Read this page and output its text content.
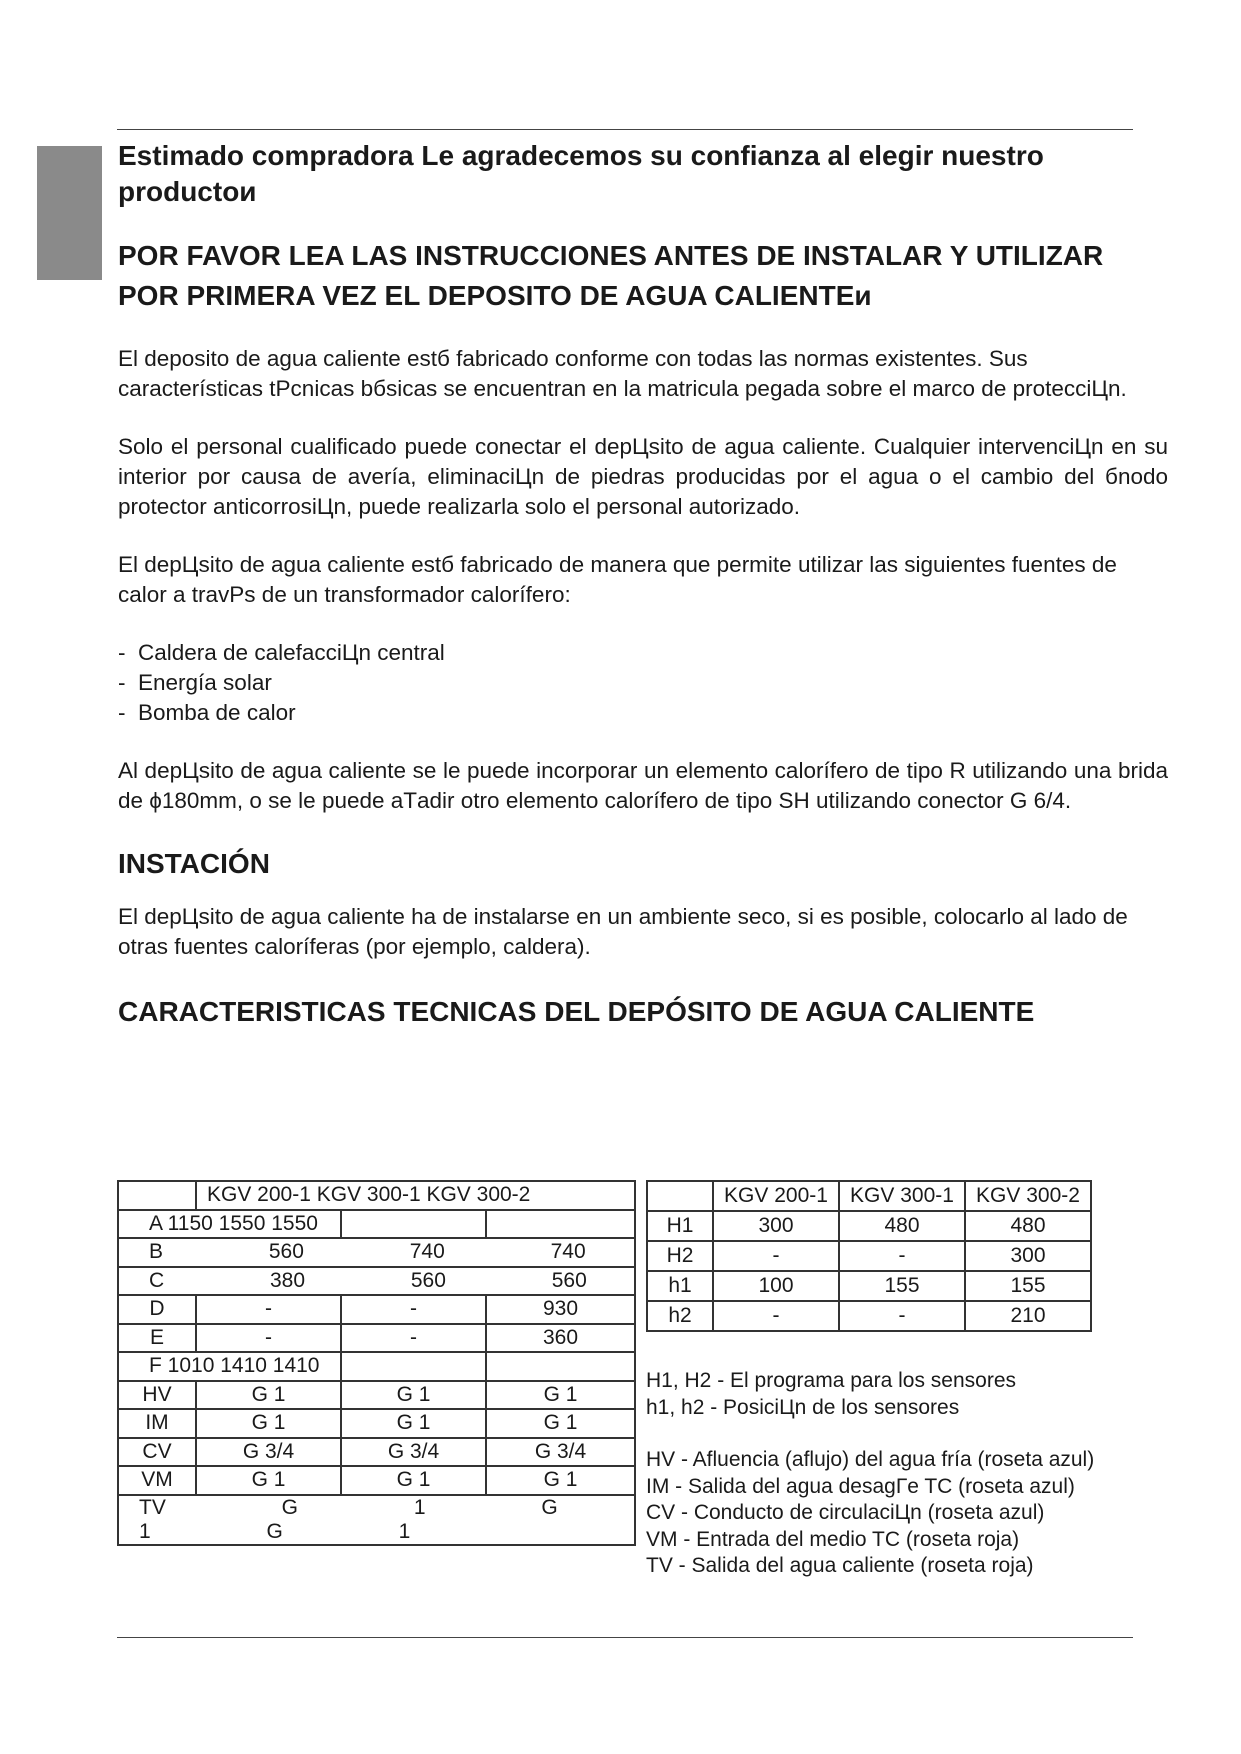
Estimado compradora Le agradecemos su confianza al elegir nuestro productoи
POR FAVOR LEA LAS INSTRUCCIONES ANTES DE INSTALAR Y UTILIZAR POR PRIMERA VEZ EL DEPOSITO DE AGUA CALIENTEи

El deposito de agua caliente estб fabricado conforme con todas las normas existentes. Sus características tРcnicas bбsicas se encuentran en la matricula pegada sobre el marco de protecciЦn.

Solo el personal cualificado puede conectar el depЦsito de agua caliente. Cualquier intervenciЦn en su interior por causa de avería, eliminaciЦn de piedras producidas por el agua o el cambio del бnodo protector anticorrosiЦn, puede realizarla solo el personal autorizado.

El depЦsito de agua caliente estб fabricado de manera que permite utilizar las siguientes fuentes de calor a travPs de un transformador calorífero:

- Caldera de calefacciЦn central
- Energía solar
- Bomba de calor

Al depЦsito de agua caliente se le puede incorporar un elemento calorífero de tipo R utilizando una brida de ϕ180mm, o se le puede aТadir otro elemento calorífero de tipo SH utilizando conector G 6/4.

INSTACIÓN

El depЦsito de agua caliente ha de instalarse en un ambiente seco, si es posible, colocarlo al lado de otras fuentes caloríferas (por ejemplo, caldera).

CARACTERISTICAS TECNICAS DEL DEPÓSITO DE AGUA CALIENTE
	KGV 200-1 KGV 300-1 KGV 300-2		
A 1150 1550 1550			
B 560 740 740			
C 380 560 560			
D	-	-	930
E	-	-	360
F 1010 1410 1410			
HV	G 1	G 1	G 1
IM	G 1	G 1	G 1
CV	G 3/4	G 3/4	G 3/4
VM	G 1	G 1	G 1
TV G 1 G 1 G 1			
	KGV 200-1	KGV 300-1	KGV 300-2
H1	300	480	480
H2	-	-	300
h1	100	155	155
h2	-	-	210
H1, H2 - El programa para los sensores
h1, h2 - PosiciЦn de los sensores
HV - Afluencia (aflujo) del agua fría (roseta azul)
IM - Salida del agua desagГe TC (roseta azul)
CV - Conducto de circulaciЦn (roseta azul)
VM - Entrada del medio TC (roseta roja)
TV - Salida del agua caliente (roseta roja)
